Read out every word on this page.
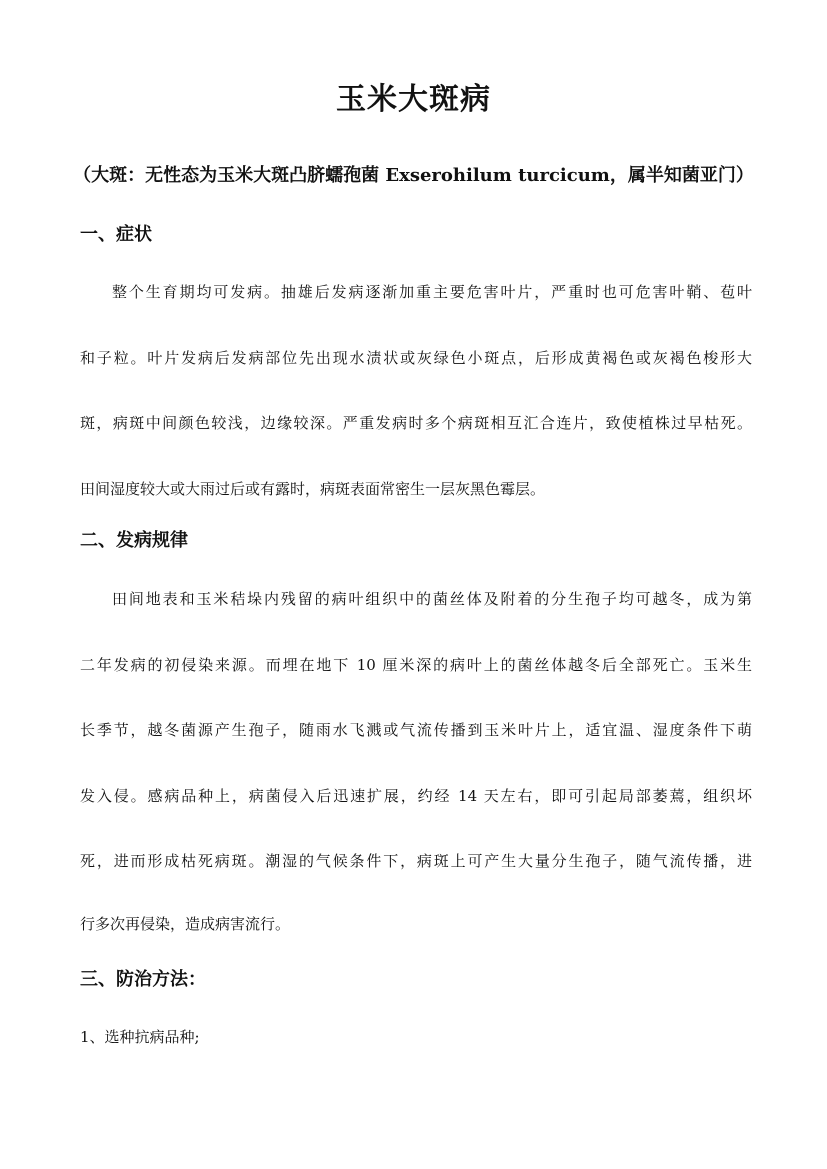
玉米大斑病
（大斑：无性态为玉米大斑凸脐蠕孢菌 Exserohilum turcicum，属半知菌亚门）
一、症状
整个生育期均可发病。抽雄后发病逐渐加重主要危害叶片，严重时也可危害叶鞘、苞叶
和子粒。叶片发病后发病部位先出现水渍状或灰绿色小斑点，后形成黄褐色或灰褐色梭形大
斑，病斑中间颜色较浅，边缘较深。严重发病时多个病斑相互汇合连片，致使植株过早枯死。
田间湿度较大或大雨过后或有露时，病斑表面常密生一层灰黑色霉层。
二、发病规律
田间地表和玉米秸垛内残留的病叶组织中的菌丝体及附着的分生孢子均可越冬，成为第
二年发病的初侵染来源。而埋在地下 10 厘米深的病叶上的菌丝体越冬后全部死亡。玉米生
长季节，越冬菌源产生孢子，随雨水飞溅或气流传播到玉米叶片上，适宜温、湿度条件下萌
发入侵。感病品种上，病菌侵入后迅速扩展，约经 14 天左右，即可引起局部萎蔫，组织坏
死，进而形成枯死病斑。潮湿的气候条件下，病斑上可产生大量分生孢子，随气流传播，进
行多次再侵染，造成病害流行。
三、防治方法：
1、选种抗病品种;
